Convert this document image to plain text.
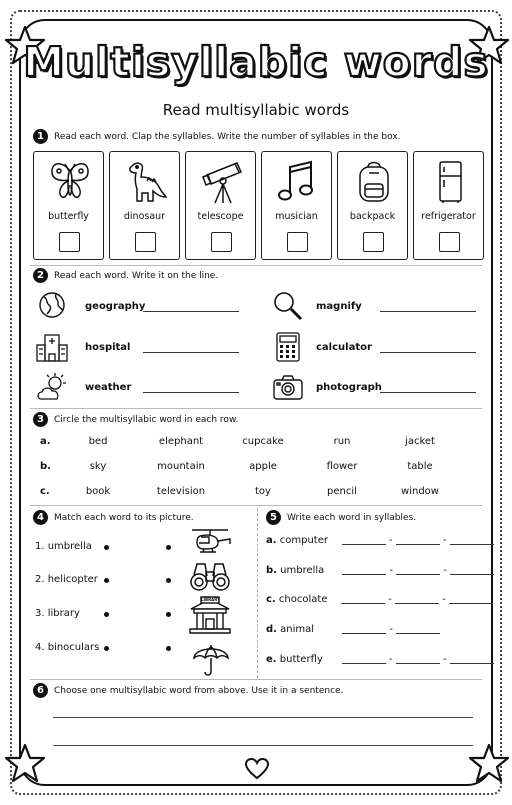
Multisyllabic words
Read multisyllabic words
1	Read each word. Clap the syllables. Write the number of syllables in the box.
butterfly	dinosaur	telescope	musician	backpack	refrigerator
2	Read each word. Write it on the line.
geography	magnify
hospital	calculator
weather	photograph
3	Circle the multisyllabic word in each row.
a.	bed	elephant	cupcake	run	jacket
b.	sky	mountain	apple	flower	table
c.	book	television	toy	pencil	window
4	Match each word to its picture.
1. umbrella
2. helicopter
3. library
4. binoculars
LIBRARY
5	Write each word in syllables.
a.
computer	-	-
b.
umbrella	-	-
c.
chocolate	-	-
d.
animal	-
e.
butterfly	-	-
6	Choose one multisyllabic word from above. Use it in a sentence.
